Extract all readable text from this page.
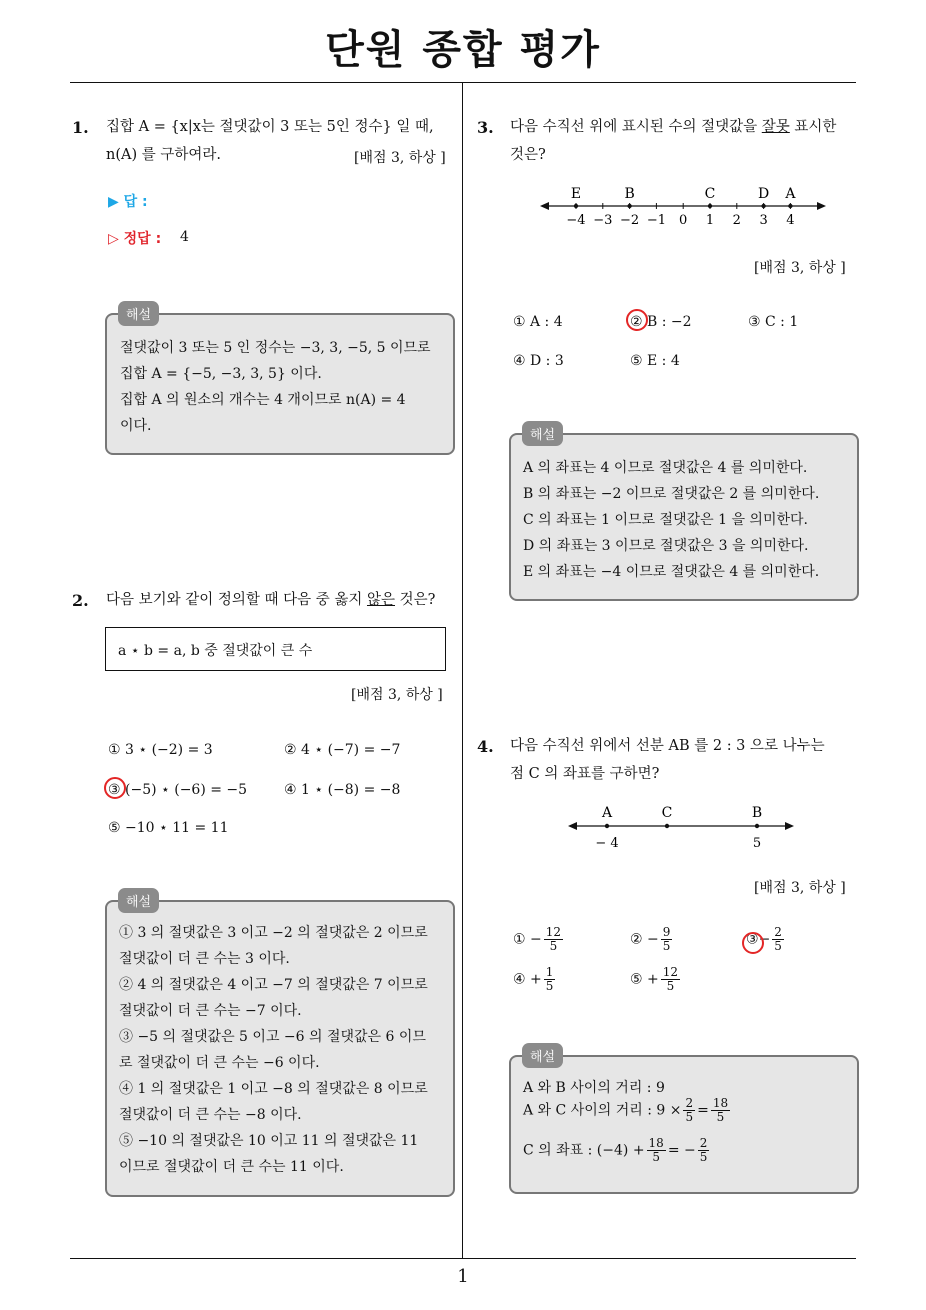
단원 종합 평가
1
1. 집합 A = {x|x는 절댓값이 3 또는 5인 정수} 일 때,
n(A) 를 구하여라.	[배점 3, 하상 ]
▶ 답 :
▷ 정답 : 4
절댓값이 3 또는 5 인 정수는 −3, 3, −5, 5 이므로
집합 A = {−5, −3, 3, 5} 이다.
집합 A 의 원소의 개수는 4 개이므로 n(A) = 4
이다.
해설
2. 다음 보기와 같이 정의할 때 다음 중 옳지 않은 것은?
a ⋆ b = a, b 중 절댓값이 큰 수
[배점 3, 하상 ]
① 3 ⋆ (−2) = 3	② 4 ⋆ (−7) = −7
③ (−5) ⋆ (−6) = −5	④ 1 ⋆ (−8) = −8
⑤ −10 ⋆ 11 = 11
① 3 의 절댓값은 3 이고 −2 의 절댓값은 2 이므로
절댓값이 더 큰 수는 3 이다.
② 4 의 절댓값은 4 이고 −7 의 절댓값은 7 이므로
절댓값이 더 큰 수는 −7 이다.
③ −5 의 절댓값은 5 이고 −6 의 절댓값은 6 이므
로 절댓값이 더 큰 수는 −6 이다.
④ 1 의 절댓값은 1 이고 −8 의 절댓값은 8 이므로
절댓값이 더 큰 수는 −8 이다.
⑤ −10 의 절댓값은 10 이고 11 의 절댓값은 11
이므로 절댓값이 더 큰 수는 11 이다.
해설
3. 다음 수직선 위에 표시된 수의 절댓값을 잘못 표시한
것은?
−4 −3 −2 −1 0 1 2 3 4
E	B	C	D A
[배점 3, 하상 ]
① A : 4	② B : −2	③ C : 1
④ D : 3	⑤ E : 4
A 의 좌표는 4 이므로 절댓값은 4 를 의미한다.
B 의 좌표는 −2 이므로 절댓값은 2 를 의미한다.
C 의 좌표는 1 이므로 절댓값은 1 을 의미한다.
D 의 좌표는 3 이므로 절댓값은 3 을 의미한다.
E 의 좌표는 −4 이므로 절댓값은 4 를 의미한다.
해설
4. 다음 수직선 위에서 선분 AB 를 2 : 3 으로 나누는
점 C 의 좌표를 구하면?
A
− 4
C	B
5
[배점 3, 하상 ]
① − $\frac{12}{5}$	② − $\frac{9}{5}$	③− $\frac{2}{5}$
④ + $\frac{1}{5}$	⑤ + $\frac{12}{5}$
A 와 B 사이의 거리 : 9
A 와 C 사이의 거리 : $9 \times \frac{2}{5} = \frac{18}{5}$
C 의 좌표 : $(-4) + \frac{18}{5}$ = − $\frac{2}{5}$
해설
